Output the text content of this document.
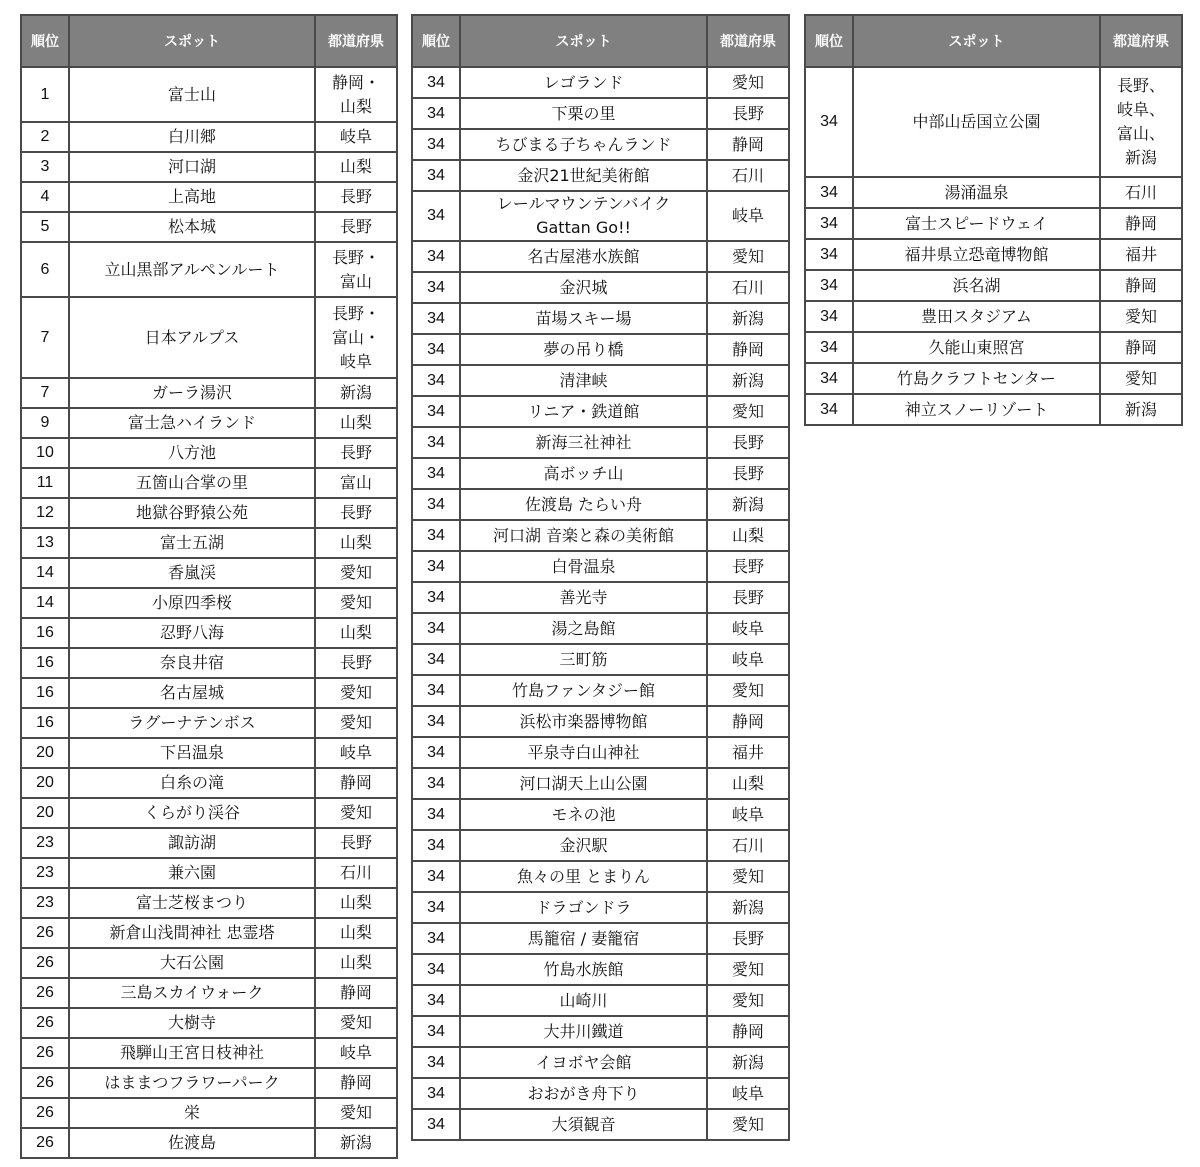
順位	スポット	都道府県
1	富士山	静岡・
山梨
2	白川郷	岐阜
3	河口湖	山梨
4	上高地	長野
5	松本城	長野
6	立山黒部アルペンルート	長野・
富山
7	日本アルプス	長野・
富山・
岐阜
7	ガーラ湯沢	新潟
9	富士急ハイランド	山梨
10	八方池	長野
11	五箇山合掌の里	富山
12	地獄谷野猿公苑	長野
13	富士五湖	山梨
14	香嵐渓	愛知
14	小原四季桜	愛知
16	忍野八海	山梨
16	奈良井宿	長野
16	名古屋城	愛知
16	ラグーナテンボス	愛知
20	下呂温泉	岐阜
20	白糸の滝	静岡
20	くらがり渓谷	愛知
23	諏訪湖	長野
23	兼六園	石川
23	富士芝桜まつり	山梨
26	新倉山浅間神社 忠霊塔	山梨
26	大石公園	山梨
26	三島スカイウォーク	静岡
26	大樹寺	愛知
26	飛騨山王宮日枝神社	岐阜
26	はままつフラワーパーク	静岡
26	栄	愛知
26	佐渡島	新潟
順位	スポット	都道府県
34	レゴランド	愛知
34	下栗の里	長野
34	ちびまる子ちゃんランド	静岡
34	金沢21世紀美術館	石川
34	レールマウンテンバイク
Gattan Go!!	岐阜
34	名古屋港水族館	愛知
34	金沢城	石川
34	苗場スキー場	新潟
34	夢の吊り橋	静岡
34	清津峡	新潟
34	リニア・鉄道館	愛知
34	新海三社神社	長野
34	高ボッチ山	長野
34	佐渡島 たらい舟	新潟
34	河口湖 音楽と森の美術館	山梨
34	白骨温泉	長野
34	善光寺	長野
34	湯之島館	岐阜
34	三町筋	岐阜
34	竹島ファンタジー館	愛知
34	浜松市楽器博物館	静岡
34	平泉寺白山神社	福井
34	河口湖天上山公園	山梨
34	モネの池	岐阜
34	金沢駅	石川
34	魚々の里 とまりん	愛知
34	ドラゴンドラ	新潟
34	馬籠宿 / 妻籠宿	長野
34	竹島水族館	愛知
34	山崎川	愛知
34	大井川鐵道	静岡
34	イヨボヤ会館	新潟
34	おおがき舟下り	岐阜
34	大須観音	愛知
順位	スポット	都道府県
34	中部山岳国立公園	長野、
岐阜、
富山、
新潟
34	湯涌温泉	石川
34	富士スピードウェイ	静岡
34	福井県立恐竜博物館	福井
34	浜名湖	静岡
34	豊田スタジアム	愛知
34	久能山東照宮	静岡
34	竹島クラフトセンター	愛知
34	神立スノーリゾート	新潟
